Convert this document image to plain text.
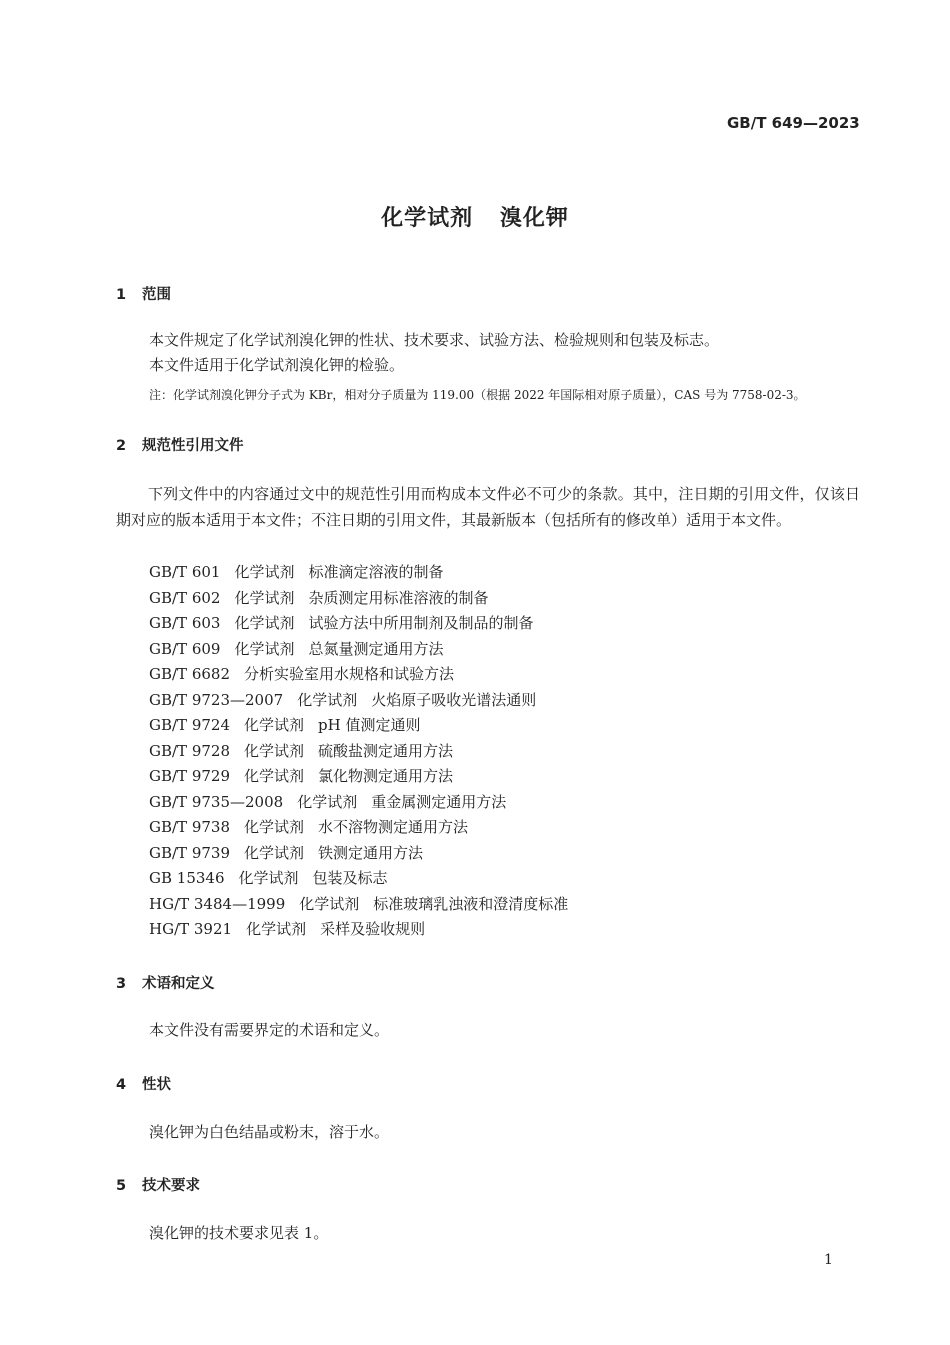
GB/T 649—2023
化学试剂 溴化钾
1 范围
本文件规定了化学试剂溴化钾的性状、技术要求、试验方法、检验规则和包装及标志。
本文件适用于化学试剂溴化钾的检验。
注：化学试剂溴化钾分子式为 KBr，相对分子质量为 119.00（根据 2022 年国际相对原子质量），CAS 号为 7758-02-3。
2 规范性引用文件
下列文件中的内容通过文中的规范性引用而构成本文件必不可少的条款。其中，注日期的引用文件，仅该日期对应的版本适用于本文件；不注日期的引用文件，其最新版本（包括所有的修改单）适用于本文件。
GB/T 601 化学试剂 标准滴定溶液的制备
GB/T 602 化学试剂 杂质测定用标准溶液的制备
GB/T 603 化学试剂 试验方法中所用制剂及制品的制备
GB/T 609 化学试剂 总氮量测定通用方法
GB/T 6682 分析实验室用水规格和试验方法
GB/T 9723—2007 化学试剂 火焰原子吸收光谱法通则
GB/T 9724 化学试剂 pH 值测定通则
GB/T 9728 化学试剂 硫酸盐测定通用方法
GB/T 9729 化学试剂 氯化物测定通用方法
GB/T 9735—2008 化学试剂 重金属测定通用方法
GB/T 9738 化学试剂 水不溶物测定通用方法
GB/T 9739 化学试剂 铁测定通用方法
GB 15346 化学试剂 包装及标志
HG/T 3484—1999 化学试剂 标准玻璃乳浊液和澄清度标准
HG/T 3921 化学试剂 采样及验收规则
3 术语和定义
本文件没有需要界定的术语和定义。
4 性状
溴化钾为白色结晶或粉末，溶于水。
5 技术要求
溴化钾的技术要求见表 1。
1
